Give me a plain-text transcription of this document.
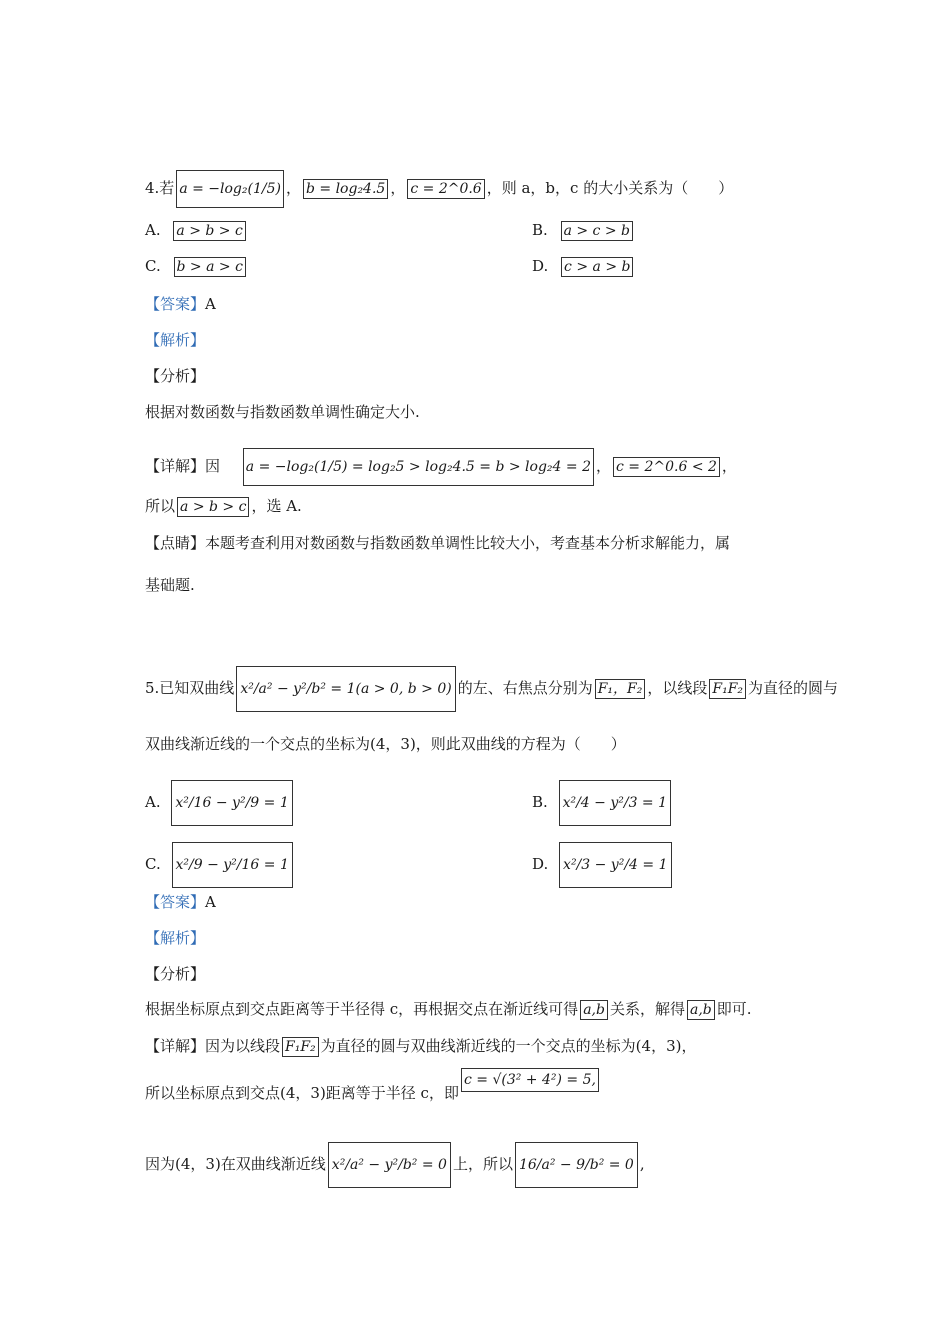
4.若 a = −log₂(1/5) ， b = log₂4.5 ， c = 2^0.6 ，则 a，b，c 的大小关系为（　　）
A. a > b > c	B. a > c > b
C. b > a > c	D. c > a > b
【答案】A
【解析】
【分析】
根据对数函数与指数函数单调性确定大小.
【详解】因 a = −log₂(1/5) = log₂5 > log₂4.5 = b > log₂4 = 2 ， c = 2^0.6 < 2 ，
所以 a > b > c ，选 A.
【点睛】本题考查利用对数函数与指数函数单调性比较大小，考查基本分析求解能力，属
基础题.
5.已知双曲线 x²/a² − y²/b² = 1(a > 0, b > 0) 的左、右焦点分别为 F₁，F₂ ，以线段 F₁F₂ 为直径的圆与
双曲线渐近线的一个交点的坐标为(4，3)，则此双曲线的方程为（　　）
A. x²/16 − y²/9 = 1	B. x²/4 − y²/3 = 1
C. x²/9 − y²/16 = 1	D. x²/3 − y²/4 = 1
【答案】A
【解析】
【分析】
根据坐标原点到交点距离等于半径得 c，再根据交点在渐近线可得 a,b 关系，解得 a,b 即可.
【详解】因为以线段 F₁F₂ 为直径的圆与双曲线渐近线的一个交点的坐标为(4，3)，
所以坐标原点到交点(4，3)距离等于半径 c，即c = √(3² + 4²) = 5,
因为(4，3)在双曲线渐近线 x²/a² − y²/b² = 0 上，所以 16/a² − 9/b² = 0 ,
